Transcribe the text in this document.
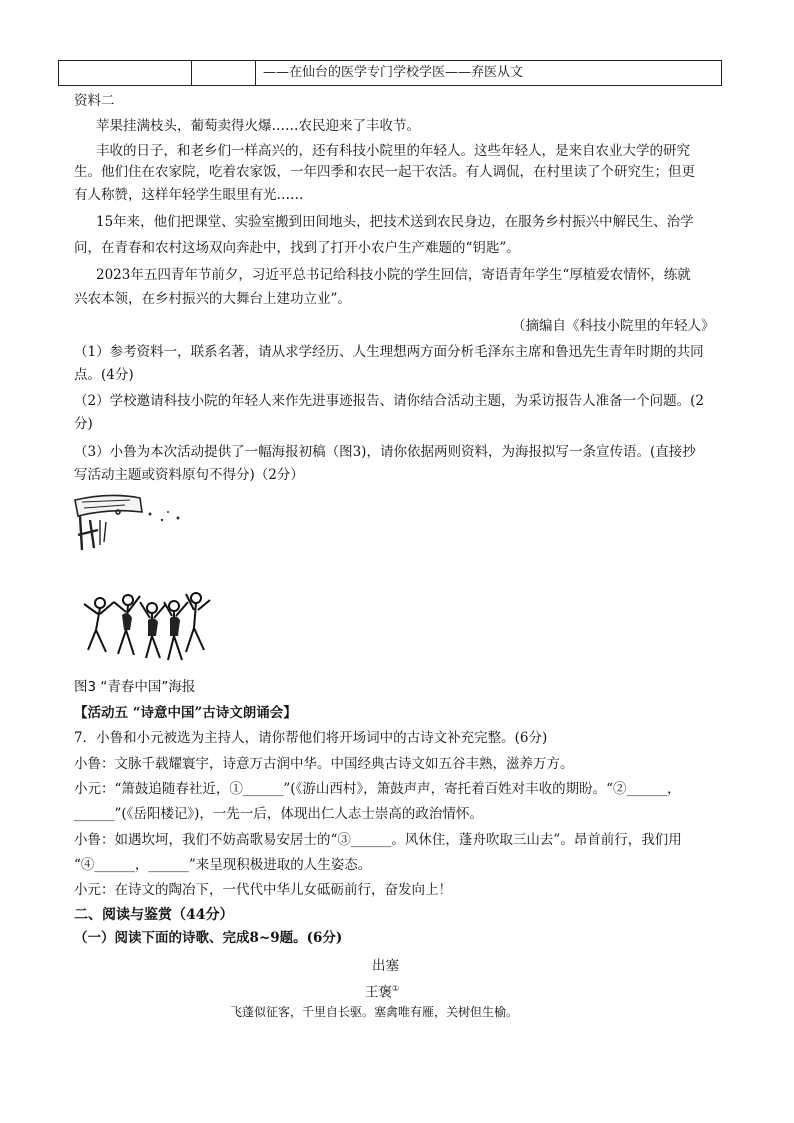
——在仙台的医学专门学校学医——弃医从文
资料二
苹果挂满枝头，葡萄卖得火爆……农民迎来了丰收节。
丰收的日子，和老乡们一样高兴的，还有科技小院里的年轻人。这些年轻人，是来自农业大学的研究
生。他们住在农家院，吃着农家饭，一年四季和农民一起干农活。有人调侃，在村里读了个研究生；但更
有人称赞，这样年轻学生眼里有光……
15年来，他们把课堂、实验室搬到田间地头，把技术送到农民身边，在服务乡村振兴中解民生、治学
问，在青春和农村这场双向奔赴中，找到了打开小农户生产难题的“钥匙”。
2023年五四青年节前夕，习近平总书记给科技小院的学生回信，寄语青年学生“厚植爱农情怀，练就
兴农本领，在乡村振兴的大舞台上建功立业”。
（摘编自《科技小院里的年轻人》
（1）参考资料一，联系名著，请从求学经历、人生理想两方面分析毛泽东主席和鲁迅先生青年时期的共同
点。(4分)
（2）学校邀请科技小院的年轻人来作先进事迹报告、请你结合活动主题，为采访报告人准备一个问题。(2
分)
（3）小鲁为本次活动提供了一幅海报初稿（图3)，请你依据两则资料，为海报拟写一条宣传语。(直接抄
写活动主题或资料原句不得分)（2分）
图3 “青春中国”海报
【活动五 “诗意中国”古诗文朗诵会】
7．小鲁和小元被选为主持人，请你帮他们将开场词中的古诗文补充完整。(6分)
小鲁：文脉千载耀寰宇，诗意万古润中华。中国经典古诗文如五谷丰熟，滋养万方。
小元：“箫鼓追随春社近，①______”(《游山西村》，箫鼓声声，寄托着百姓对丰收的期盼。“②______，
______”(《岳阳楼记》)，一先一后，体现出仁人志士崇高的政治情怀。
小鲁：如遇坎坷，我们不妨高歌易安居士的“③______。风休住，蓬舟吹取三山去”。昂首前行，我们用
“④______，______”来呈现积极进取的人生姿态。
小元：在诗文的陶冶下，一代代中华儿女砥砺前行，奋发向上！
二、阅读与鉴赏（44分）
（一）阅读下面的诗歌、完成8~9题。(6分)
出塞
王褒①
飞蓬似征客，千里自长驱。塞禽唯有雁，关树但生榆。
